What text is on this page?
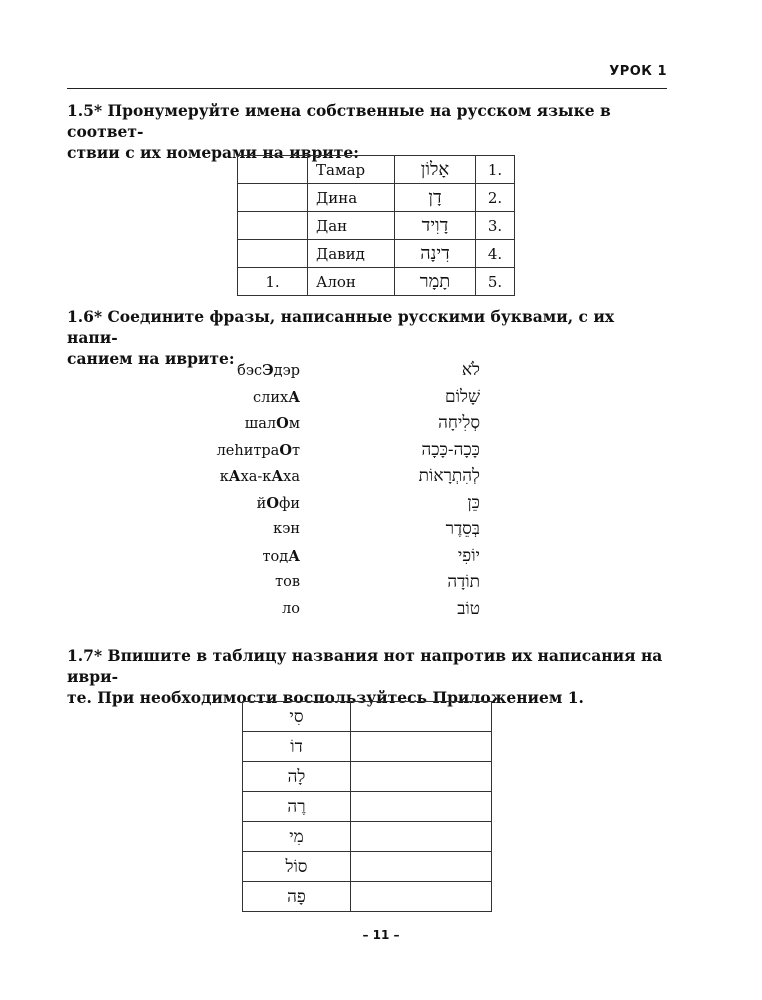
УРОК 1
1.5* Пронумеруйте имена собственные на русском языке в соответ-
ствии с их номерами на иврите:
	Тамар	אָלוֹן	.1
	Дина	דָן	.2
	Дан	דָוִיד	.3
	Давид	דִינָה	.4
1.	Алон	תָמָר	.5
1.6* Соедините фразы, написанные русскими буквами, с их напи-
санием на иврите:
бэсЭдэр
слихА
шалОм
леhитраОт
кАха-кАха
йОфи
кэн
тодА
тов
ло
לֹא
שָׁלוֹם
סְלִיחָה
כָּכָה-כָּכָה
לְהִתְרָאוֹת
כֵּן
בְּסֵדֶר
יוֹפִי
תוֹדָה
טוֹב
1.7* Впишите в таблицу названия нот напротив их написания на иври-
те. При необходимости воспользуйтесь Приложением 1.
סִי	
דוֹ	
לָה	
רֶה	
מִי	
סוֹל	
פָה	
– 11 –
